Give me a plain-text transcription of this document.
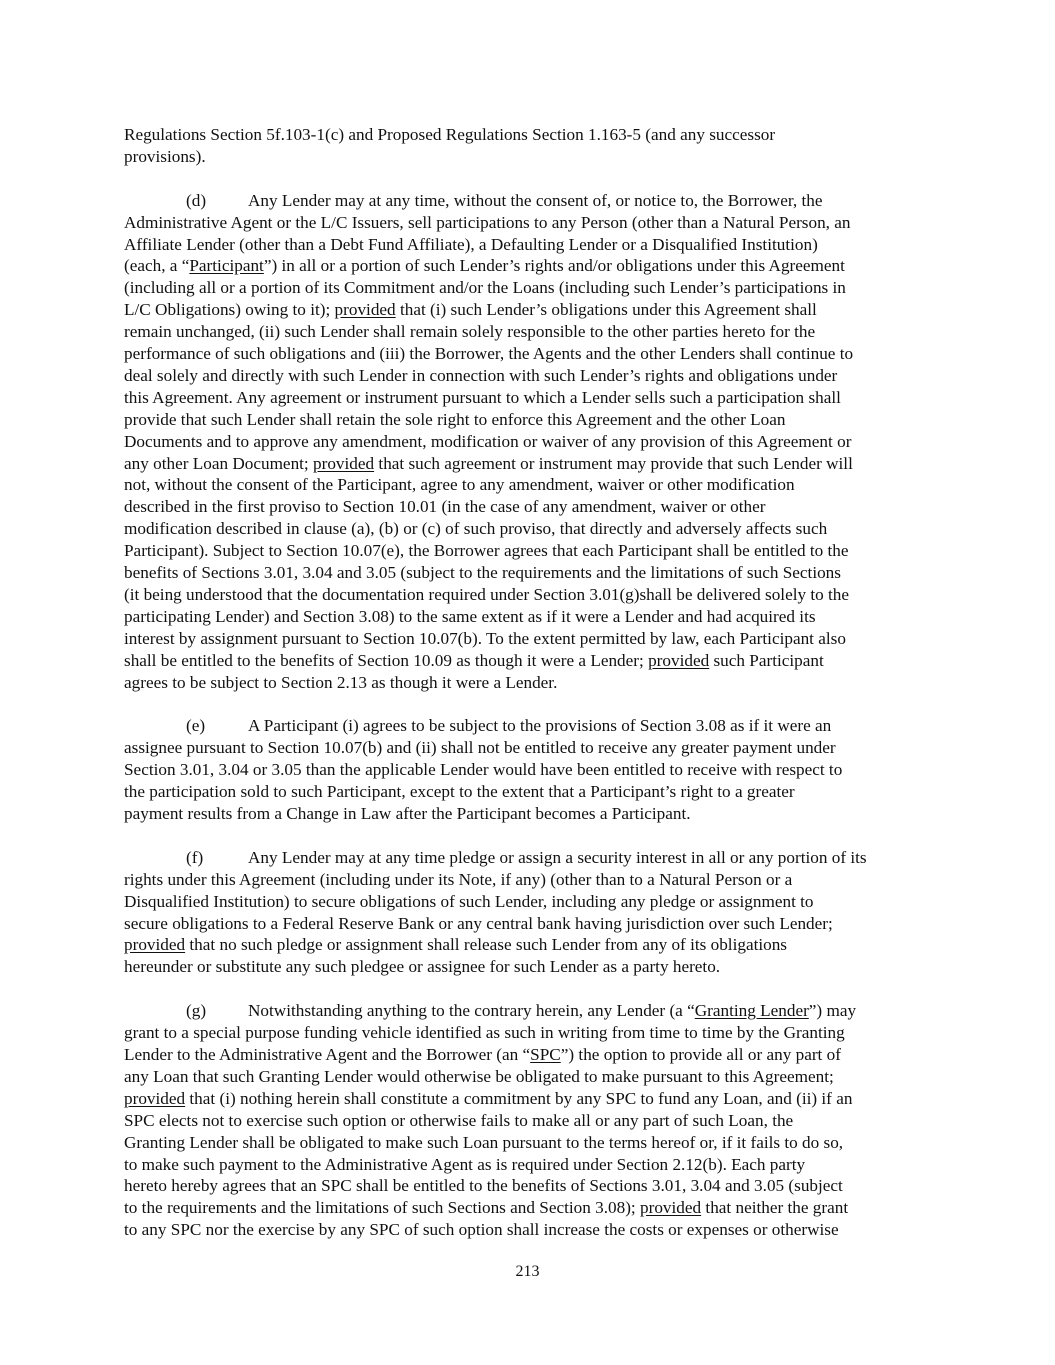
Regulations Section 5f.103-1(c) and Proposed Regulations Section 1.163-5 (and any successor
provisions).
(d) Any Lender may at any time, without the consent of, or notice to, the Borrower, the
Administrative Agent or the L/C Issuers, sell participations to any Person (other than a Natural Person, an
Affiliate Lender (other than a Debt Fund Affiliate), a Defaulting Lender or a Disqualified Institution)
(each, a “Participant”) in all or a portion of such Lender’s rights and/or obligations under this Agreement
(including all or a portion of its Commitment and/or the Loans (including such Lender’s participations in
L/C Obligations) owing to it); provided that (i) such Lender’s obligations under this Agreement shall
remain unchanged, (ii) such Lender shall remain solely responsible to the other parties hereto for the
performance of such obligations and (iii) the Borrower, the Agents and the other Lenders shall continue to
deal solely and directly with such Lender in connection with such Lender’s rights and obligations under
this Agreement. Any agreement or instrument pursuant to which a Lender sells such a participation shall
provide that such Lender shall retain the sole right to enforce this Agreement and the other Loan
Documents and to approve any amendment, modification or waiver of any provision of this Agreement or
any other Loan Document; provided that such agreement or instrument may provide that such Lender will
not, without the consent of the Participant, agree to any amendment, waiver or other modification
described in the first proviso to Section 10.01 (in the case of any amendment, waiver or other
modification described in clause (a), (b) or (c) of such proviso, that directly and adversely affects such
Participant). Subject to Section 10.07(e), the Borrower agrees that each Participant shall be entitled to the
benefits of Sections 3.01, 3.04 and 3.05 (subject to the requirements and the limitations of such Sections
(it being understood that the documentation required under Section 3.01(g)shall be delivered solely to the
participating Lender) and Section 3.08) to the same extent as if it were a Lender and had acquired its
interest by assignment pursuant to Section 10.07(b). To the extent permitted by law, each Participant also
shall be entitled to the benefits of Section 10.09 as though it were a Lender; provided such Participant
agrees to be subject to Section 2.13 as though it were a Lender.
(e) A Participant (i) agrees to be subject to the provisions of Section 3.08 as if it were an
assignee pursuant to Section 10.07(b) and (ii) shall not be entitled to receive any greater payment under
Section 3.01, 3.04 or 3.05 than the applicable Lender would have been entitled to receive with respect to
the participation sold to such Participant, except to the extent that a Participant’s right to a greater
payment results from a Change in Law after the Participant becomes a Participant.
(f)	Any Lender may at any time pledge or assign a security interest in all or any portion of its
rights under this Agreement (including under its Note, if any) (other than to a Natural Person or a
Disqualified Institution) to secure obligations of such Lender, including any pledge or assignment to
secure obligations to a Federal Reserve Bank or any central bank having jurisdiction over such Lender;
provided that no such pledge or assignment shall release such Lender from any of its obligations
hereunder or substitute any such pledgee or assignee for such Lender as a party hereto.
(g) Notwithstanding anything to the contrary herein, any Lender (a “Granting Lender”) may
grant to a special purpose funding vehicle identified as such in writing from time to time by the Granting
Lender to the Administrative Agent and the Borrower (an “SPC”) the option to provide all or any part of
any Loan that such Granting Lender would otherwise be obligated to make pursuant to this Agreement;
provided that (i) nothing herein shall constitute a commitment by any SPC to fund any Loan, and (ii) if an
SPC elects not to exercise such option or otherwise fails to make all or any part of such Loan, the
Granting Lender shall be obligated to make such Loan pursuant to the terms hereof or, if it fails to do so,
to make such payment to the Administrative Agent as is required under Section 2.12(b). Each party
hereto hereby agrees that an SPC shall be entitled to the benefits of Sections 3.01, 3.04 and 3.05 (subject
to the requirements and the limitations of such Sections and Section 3.08); provided that neither the grant
to any SPC nor the exercise by any SPC of such option shall increase the costs or expenses or otherwise
213
